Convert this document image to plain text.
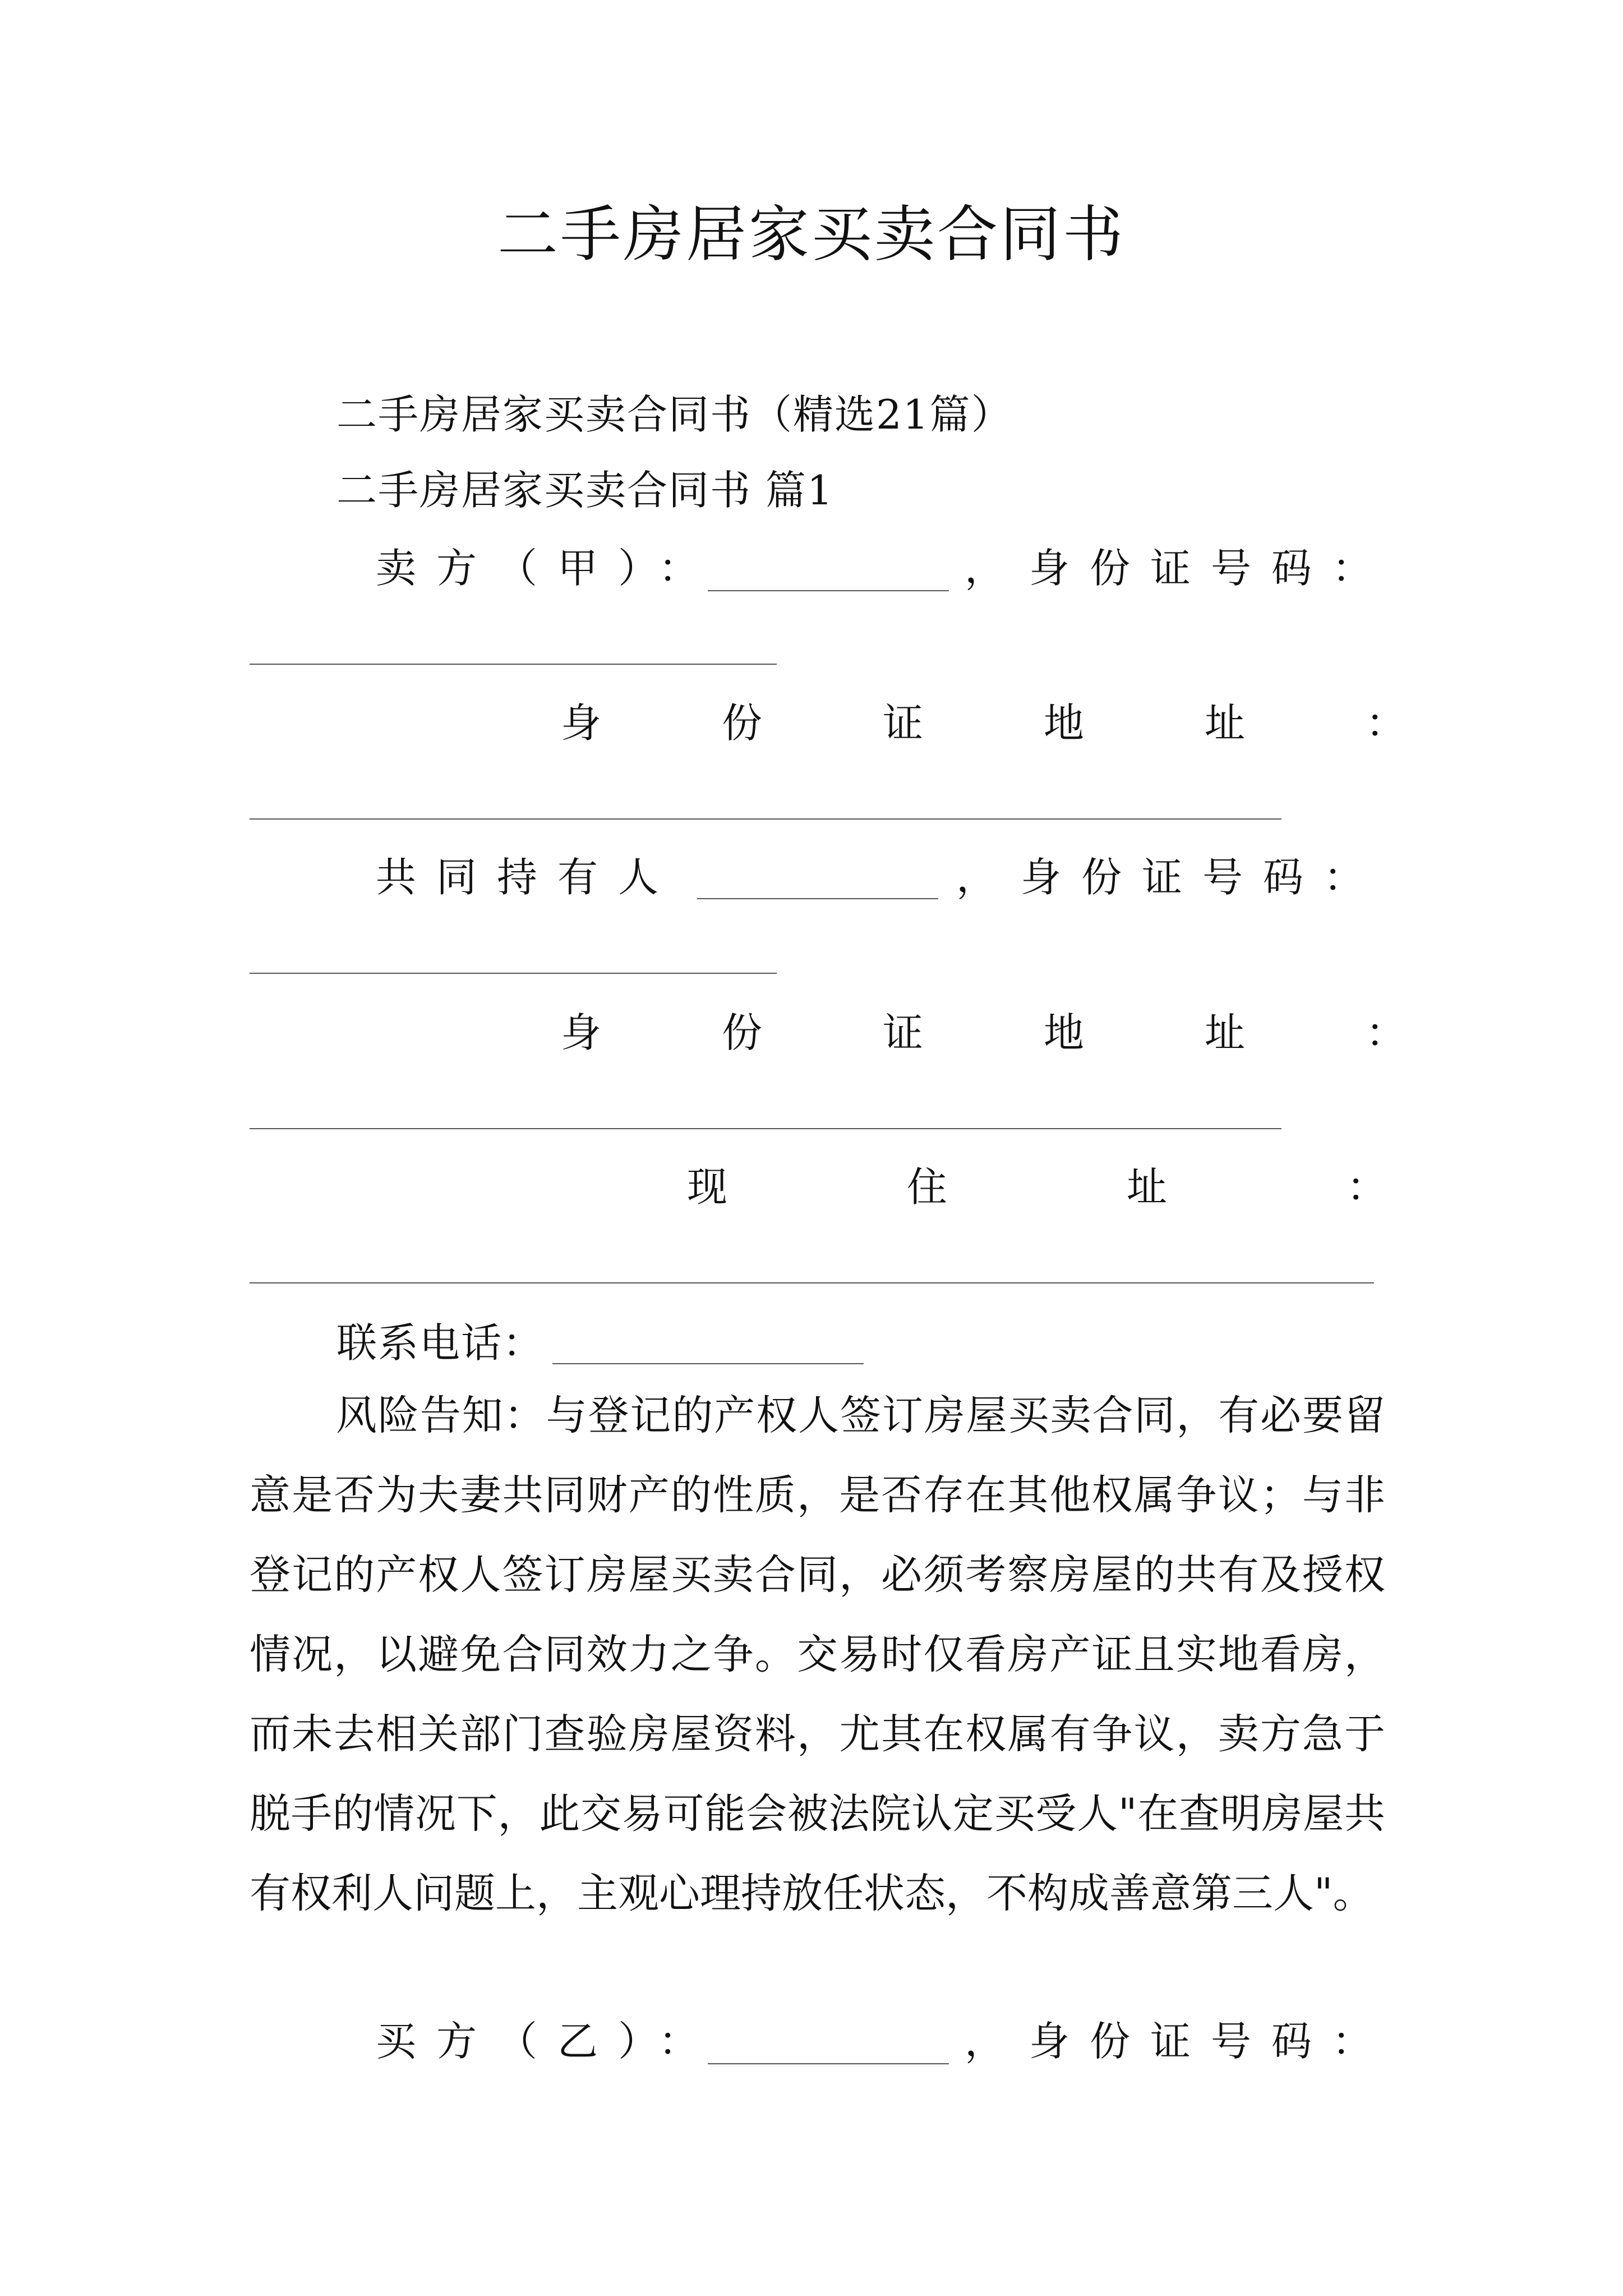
二手房居家买卖合同书
二手房居家买卖合同书（精选21篇）
二手房居家买卖合同书 篇1
卖方（甲）：	， 身份证号码：
身份证地址：
共同持有人	， 身份证号码：
身份证地址：
现住址：
联系电话：
风险告知：与登记的产权人签订房屋买卖合同，有必要留意是否为夫妻共同财产的性质，是否存在其他权属争议；与非登记的产权人签订房屋买卖合同，必须考察房屋的共有及授权情况，以避免合同效力之争。交易时仅看房产证且实地看房，而未去相关部门查验房屋资料，尤其在权属有争议，卖方急于脱手的情况下，此交易可能会被法院认定买受人"在查明房屋共有权利人问题上，主观心理持放任状态，不构成善意第三人"。
买方（乙）：	， 身份证号码：
